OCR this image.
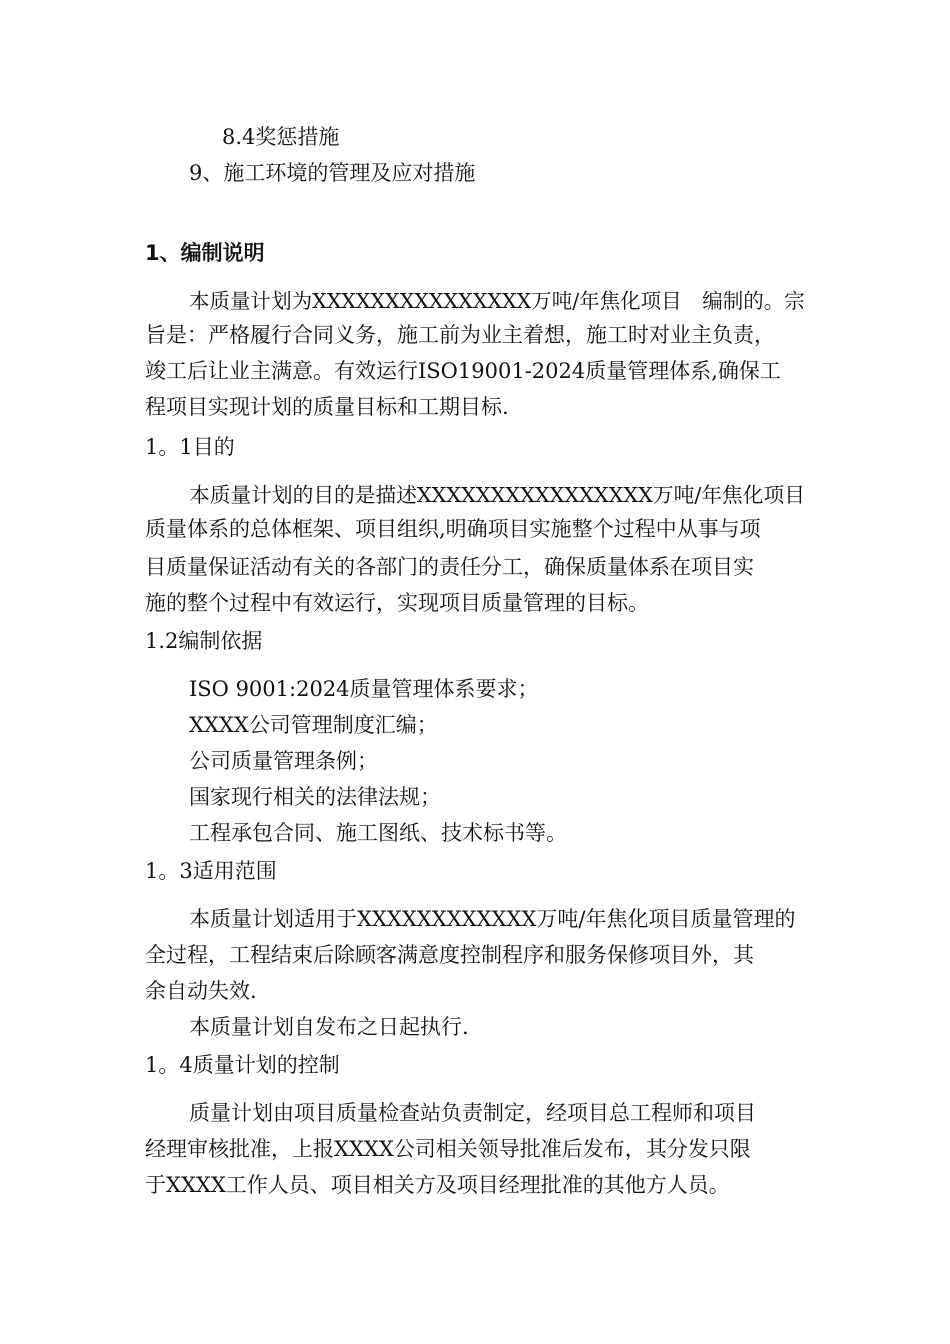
8.4奖惩措施
9、施工环境的管理及应对措施
1、编制说明
本质量计划为XXXXXXXXXXXXXXX万吨/年焦化项目　编制的。宗
旨是：严格履行合同义务，施工前为业主着想，施工时对业主负责，
竣工后让业主满意。有效运行ISO19001-2024质量管理体系,确保工
程项目实现计划的质量目标和工期目标.
1。1目的
本质量计划的目的是描述XXXXXXXXXXXXXXXX万吨/年焦化项目
质量体系的总体框架、项目组织,明确项目实施整个过程中从事与项
目质量保证活动有关的各部门的责任分工，确保质量体系在项目实
施的整个过程中有效运行，实现项目质量管理的目标。
1.2编制依据
ISO 9001:2024质量管理体系要求；
XXXX公司管理制度汇编；
公司质量管理条例；
国家现行相关的法律法规；
工程承包合同、施工图纸、技术标书等。
1。3适用范围
本质量计划适用于XXXXXXXXXXXX万吨/年焦化项目质量管理的
全过程，工程结束后除顾客满意度控制程序和服务保修项目外，其
余自动失效.
本质量计划自发布之日起执行.
1。4质量计划的控制
质量计划由项目质量检查站负责制定，经项目总工程师和项目
经理审核批准，上报XXXX公司相关领导批准后发布，其分发只限
于XXXX工作人员、项目相关方及项目经理批准的其他方人员。
